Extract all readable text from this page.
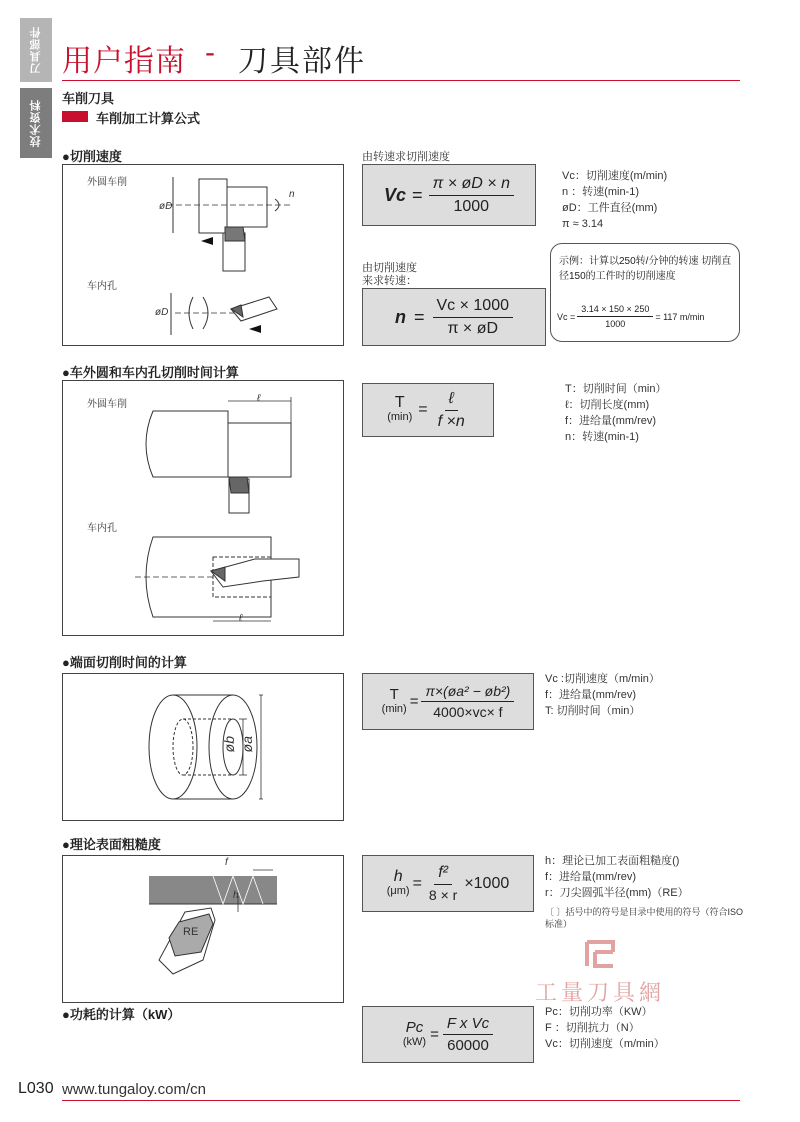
刀具部件
技术资料
用户指南 - 刀具部件
车削刀具
车削加工计算公式
●切削速度
外圆车削
车内孔
øD
n
øD
由转速求切削速度
$Vc = \frac{\pi \times øD \times n}{1000}$	Vc：切削速度(m/min)
n ：转速(min-1)
øD：工件直径(mm)
π ≈ 3.14
由切削速度
来求转速：
$n = \frac{Vc \times 1000}{\pi \times øD}$
示例：计算以250转/分钟的转速 切削直径150的工件时的切削速度
$Vc = \frac{3.14 \times 150 \times 250}{1000} = 117$ m/min
●车外圆和车内孔切削时间计算
外圆车削
车内孔
ℓ
ℓ
T
$(\min) = \frac{\text{ℓ}}{f \times n}$
T：切削时间（min）
ℓ：切削长度(mm)
f：进给量(mm/rev)
n：转速(min-1)
●端面切削时间的计算
øb øa
T
$(\min) = \frac{\text{π×(øa² − øb²)}}{4000\times vc\times f}$
Vc :切削速度（m/min）
f：进给量(mm/rev)
T: 切削时间（min）
●理论表面粗糙度
f
h
RE
h
$(\mu m) = \frac{\text{f²}}{8 \times r} \times 1000$
h：理论已加工表面粗糙度()
f：进给量(mm/rev)
r：刀尖圆弧半径(mm)（RE）
〔 〕括号中的符号是目录中使用的符号（符合ISO标准）
工量刀具網
●功耗的计算（kW）
Pc
$(kW) = \frac{\text{F x Vc}}{60000}$
Pc：切削功率（KW）
F ：切削抗力（N）
Vc：切削速度（m/min）
L030 www.tungaloy.com/cn
